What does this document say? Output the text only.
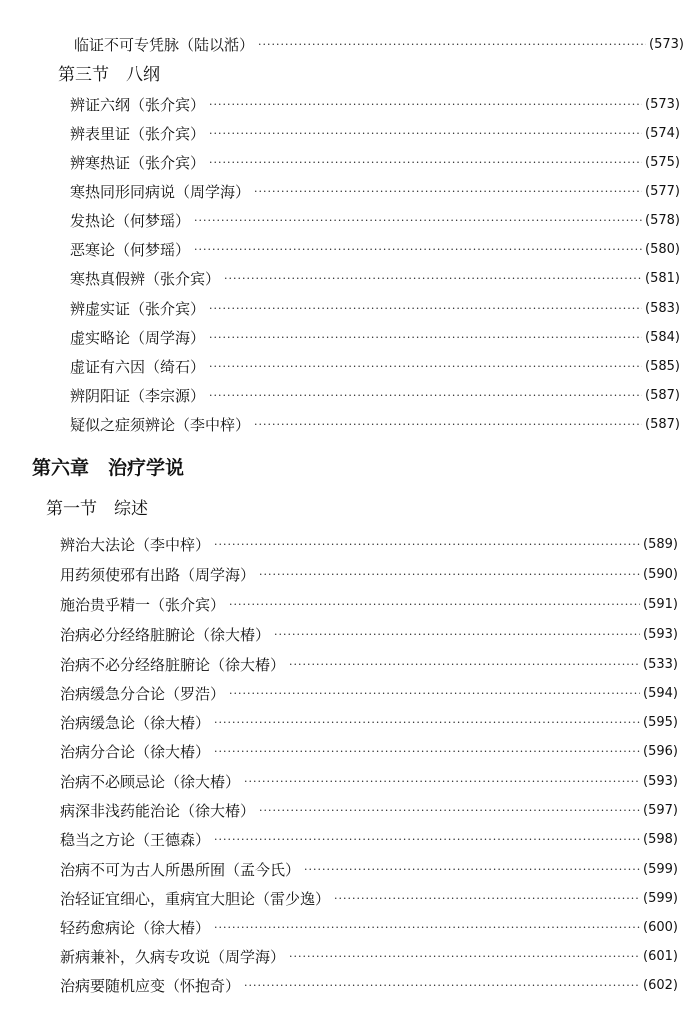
临证不可专凭脉（陆以湉） ·····	(573)
第三节　八纲
辨证六纲（张介宾） ·····	(573)
辨表里证（张介宾） ·····	(574)
辨寒热证（张介宾） ·····	(575)
寒热同形同病说（周学海） ·····	(577)
发热论（何梦瑶） ·····	(578)
恶寒论（何梦瑶） ·····	(580)
寒热真假辨（张介宾） ·····	(581)
辨虚实证（张介宾） ·····	(583)
虚实略论（周学海） ·····	(584)
虚证有六因（绮石） ·····	(585)
辨阴阳证（李宗源） ·····	(587)
疑似之症须辨论（李中梓） ·····	(587)
第六章　治疗学说
第一节　综述
辨治大法论（李中梓） ·····	(589)
用药须使邪有出路（周学海） ·····	(590)
施治贵乎精一（张介宾） ·····	(591)
治病必分经络脏腑论（徐大椿） ·····	(593)
治病不必分经络脏腑论（徐大椿） ·····	(533)
治病缓急分合论（罗浩） ·····	(594)
治病缓急论（徐大椿） ·····	(595)
治病分合论（徐大椿） ·····	(596)
治病不必顾忌论（徐大椿） ·····	(593)
病深非浅药能治论（徐大椿） ·····	(597)
稳当之方论（王德森） ·····	(598)
治病不可为古人所愚所囿（孟今氏） ·····	(599)
治轻证宜细心，重病宜大胆论（雷少逸） ·····	(599)
轻药愈病论（徐大椿） ·····	(600)
新病兼补，久病专攻说（周学海） ·····	(601)
治病要随机应变（怀抱奇） ·····	(602)
